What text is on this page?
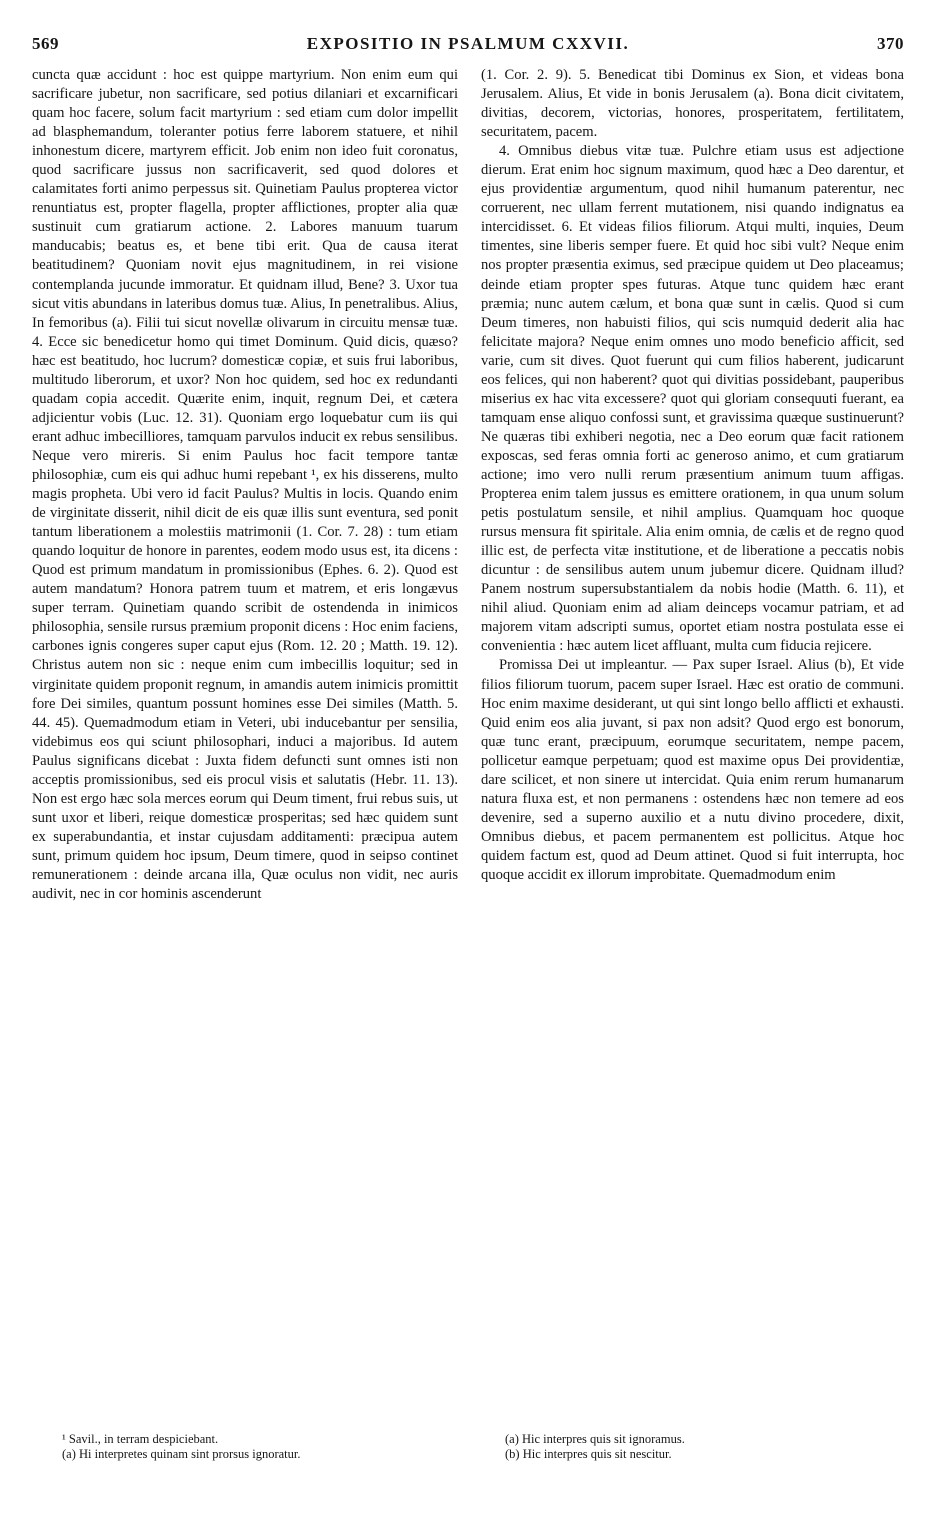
569	EXPOSITIO IN PSALMUM CXXVII.	370

cuncta quæ accidunt : hoc est quippe martyrium. Non enim eum qui sacrificare jubetur, non sacrificare, sed potius dilaniari et excarnificari quam hoc facere, solum facit martyrium : sed etiam cum dolor impellit ad blasphemandum, toleranter potius ferre laborem statuere, et nihil inhonestum dicere, martyrem efficit. Job enim non ideo fuit coronatus, quod sacrificare jussus non sacrificaverit, sed quod dolores et calamitates forti animo perpessus sit. Quinetiam Paulus propterea victor renuntiatus est, propter flagella, propter afflictiones, propter alia quæ sustinuit cum gratiarum actione. 2. Labores manuum tuarum manducabis; beatus es, et bene tibi erit. Qua de causa iterat beatitudinem? Quoniam novit ejus magnitudinem, in rei visione contemplanda jucunde immoratur. Et quidnam illud, Bene? 3. Uxor tua sicut vitis abundans in lateribus domus tuæ. Alius, In penetralibus. Alius, In femoribus (a). Filii tui sicut novellæ olivarum in circuitu mensæ tuæ. 4. Ecce sic benedicetur homo qui timet Dominum. Quid dicis, quæso? hæc est beatitudo, hoc lucrum? domesticæ copiæ, et suis frui laboribus, multitudo liberorum, et uxor? Non hoc quidem, sed hoc ex redundanti quadam copia accedit. Quærite enim, inquit, regnum Dei, et cætera adjicientur vobis (Luc. 12. 31). Quoniam ergo loquebatur cum iis qui erant adhuc imbecilliores, tamquam parvulos inducit ex rebus sensilibus. Neque vero mireris. Si enim Paulus hoc facit tempore tantæ philosophiæ, cum eis qui adhuc humi repebant ¹, ex his disserens, multo magis propheta. Ubi vero id facit Paulus? Multis in locis. Quando enim de virginitate disserit, nihil dicit de eis quæ illis sunt eventura, sed ponit tantum liberationem a molestiis matrimonii (1. Cor. 7. 28) : tum etiam quando loquitur de honore in parentes, eodem modo usus est, ita dicens : Quod est primum mandatum in promissionibus (Ephes. 6. 2). Quod est autem mandatum? Honora patrem tuum et matrem, et eris longævus super terram. Quinetiam quando scribit de ostendenda in inimicos philosophia, sensile rursus præmium proponit dicens : Hoc enim faciens, carbones ignis congeres super caput ejus (Rom. 12. 20 ; Matth. 19. 12). Christus autem non sic : neque enim cum imbecillis loquitur; sed in virginitate quidem proponit regnum, in amandis autem inimicis promittit fore Dei similes, quantum possunt homines esse Dei similes (Matth. 5. 44. 45). Quemadmodum etiam in Veteri, ubi inducebantur per sensilia, videbimus eos qui sciunt philosophari, induci a majoribus. Id autem Paulus significans dicebat : Juxta fidem defuncti sunt omnes isti non acceptis promissionibus, sed eis procul visis et salutatis (Hebr. 11. 13). Non est ergo hæc sola merces eorum qui Deum timent, frui rebus suis, ut sunt uxor et liberi, reique domesticæ prosperitas; sed hæc quidem sunt ex superabundantia, et instar cujusdam additamenti: præcipua autem sunt, primum quidem hoc ipsum, Deum timere, quod in seipso continet remunerationem : deinde arcana illa, Quæ oculus non vidit, nec auris audivit, nec in cor hominis ascenderunt

(1. Cor. 2. 9). 5. Benedicat tibi Dominus ex Sion, et videas bona Jerusalem. Alius, Et vide in bonis Jerusalem (a). Bona dicit civitatem, divitias, decorem, victorias, honores, prosperitatem, fertilitatem, securitatem, pacem.

4. Omnibus diebus vitæ tuæ. Pulchre etiam usus est adjectione dierum. Erat enim hoc signum maximum, quod hæc a Deo darentur, et ejus providentiæ argumentum, quod nihil humanum paterentur, nec corruerent, nec ullam ferrent mutationem, nisi quando indignatus ea intercidisset. 6. Et videas filios filiorum. Atqui multi, inquies, Deum timentes, sine liberis semper fuere. Et quid hoc sibi vult? Neque enim nos propter præsentia eximus, sed præcipue quidem ut Deo placeamus; deinde etiam propter spes futuras. Atque tunc quidem hæc erant præmia; nunc autem cælum, et bona quæ sunt in cælis. Quod si cum Deum timeres, non habuisti filios, qui scis numquid dederit alia hac felicitate majora? Neque enim omnes uno modo beneficio afficit, sed varie, cum sit dives. Quot fuerunt qui cum filios haberent, judicarunt eos felices, qui non haberent? quot qui divitias possidebant, pauperibus miserius ex hac vita excessere? quot qui gloriam consequuti fuerant, ea tamquam ense aliquo confossi sunt, et gravissima quæque sustinuerunt? Ne quæras tibi exhiberi negotia, nec a Deo eorum quæ facit rationem exposcas, sed feras omnia forti ac generoso animo, et cum gratiarum actione; imo vero nulli rerum præsentium animum tuum affigas. Propterea enim talem jussus es emittere orationem, in qua unum solum petis postulatum sensile, et nihil amplius. Quamquam hoc quoque rursus mensura fit spiritale. Alia enim omnia, de cælis et de regno quod illic est, de perfecta vitæ institutione, et de liberatione a peccatis nobis dicuntur : de sensilibus autem unum jubemur dicere. Quidnam illud? Panem nostrum supersubstantialem da nobis hodie (Matth. 6. 11), et nihil aliud. Quoniam enim ad aliam deinceps vocamur patriam, et ad majorem vitam adscripti sumus, oportet etiam nostra postulata esse ei convenientia : hæc autem licet affluant, multa cum fiducia rejicere.

Promissa Dei ut impleantur. — Pax super Israel. Alius (b), Et vide filios filiorum tuorum, pacem super Israel. Hæc est oratio de communi. Hoc enim maxime desiderant, ut qui sint longo bello afflicti et exhausti. Quid enim eos alia juvant, si pax non adsit? Quod ergo est bonorum, quæ tunc erant, præcipuum, eorumque securitatem, nempe pacem, pollicetur eamque perpetuam; quod est maxime opus Dei providentiæ, dare scilicet, et non sinere ut intercidat. Quia enim rerum humanarum natura fluxa est, et non permanens : ostendens hæc non temere ad eos devenire, sed a superno auxilio et a nutu divino procedere, dixit, Omnibus diebus, et pacem permanentem est pollicitus. Atque hoc quidem factum est, quod ad Deum attinet. Quod si fuit interrupta, hoc quoque accidit ex illorum improbitate. Quemadmodum enim

¹ Savil., in terram despiciebant.
(a) Hi interpretes quinam sint prorsus ignoratur.
(a) Hic interpres quis sit ignoramus.
(b) Hic interpres quis sit nescitur.
